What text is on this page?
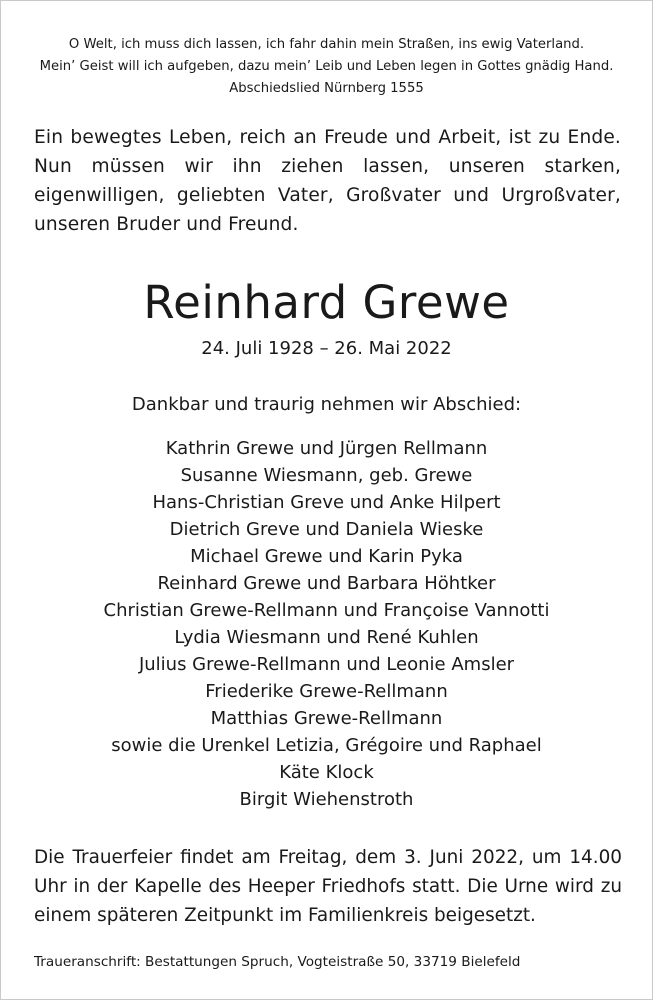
O Welt, ich muss dich lassen, ich fahr dahin mein Straßen, ins ewig Vaterland.
Mein’ Geist will ich aufgeben, dazu mein’ Leib und Leben legen in Gottes gnädig Hand.
Abschiedslied Nürnberg 1555
Ein bewegtes Leben, reich an Freude und Arbeit, ist zu Ende. Nun müssen wir ihn ziehen lassen, unseren starken, eigenwilligen, geliebten Vater, Großvater und Urgroßvater, unseren Bruder und Freund.
Reinhard Grewe
24. Juli 1928 – 26. Mai 2022
Dankbar und traurig nehmen wir Abschied:
Kathrin Grewe und Jürgen Rellmann
Susanne Wiesmann, geb. Grewe
Hans-Christian Greve und Anke Hilpert
Dietrich Greve und Daniela Wieske
Michael Grewe und Karin Pyka
Reinhard Grewe und Barbara Höhtker
Christian Grewe-Rellmann und Françoise Vannotti
Lydia Wiesmann und René Kuhlen
Julius Grewe-Rellmann und Leonie Amsler
Friederike Grewe-Rellmann
Matthias Grewe-Rellmann
sowie die Urenkel Letizia, Grégoire und Raphael
Käte Klock
Birgit Wiehenstroth
Die Trauerfeier findet am Freitag, dem 3. Juni 2022, um 14.00 Uhr in der Kapelle des Heeper Friedhofs statt. Die Urne wird zu einem späteren Zeitpunkt im Familienkreis beigesetzt.
Traueranschrift: Bestattungen Spruch, Vogteistraße 50, 33719 Bielefeld
